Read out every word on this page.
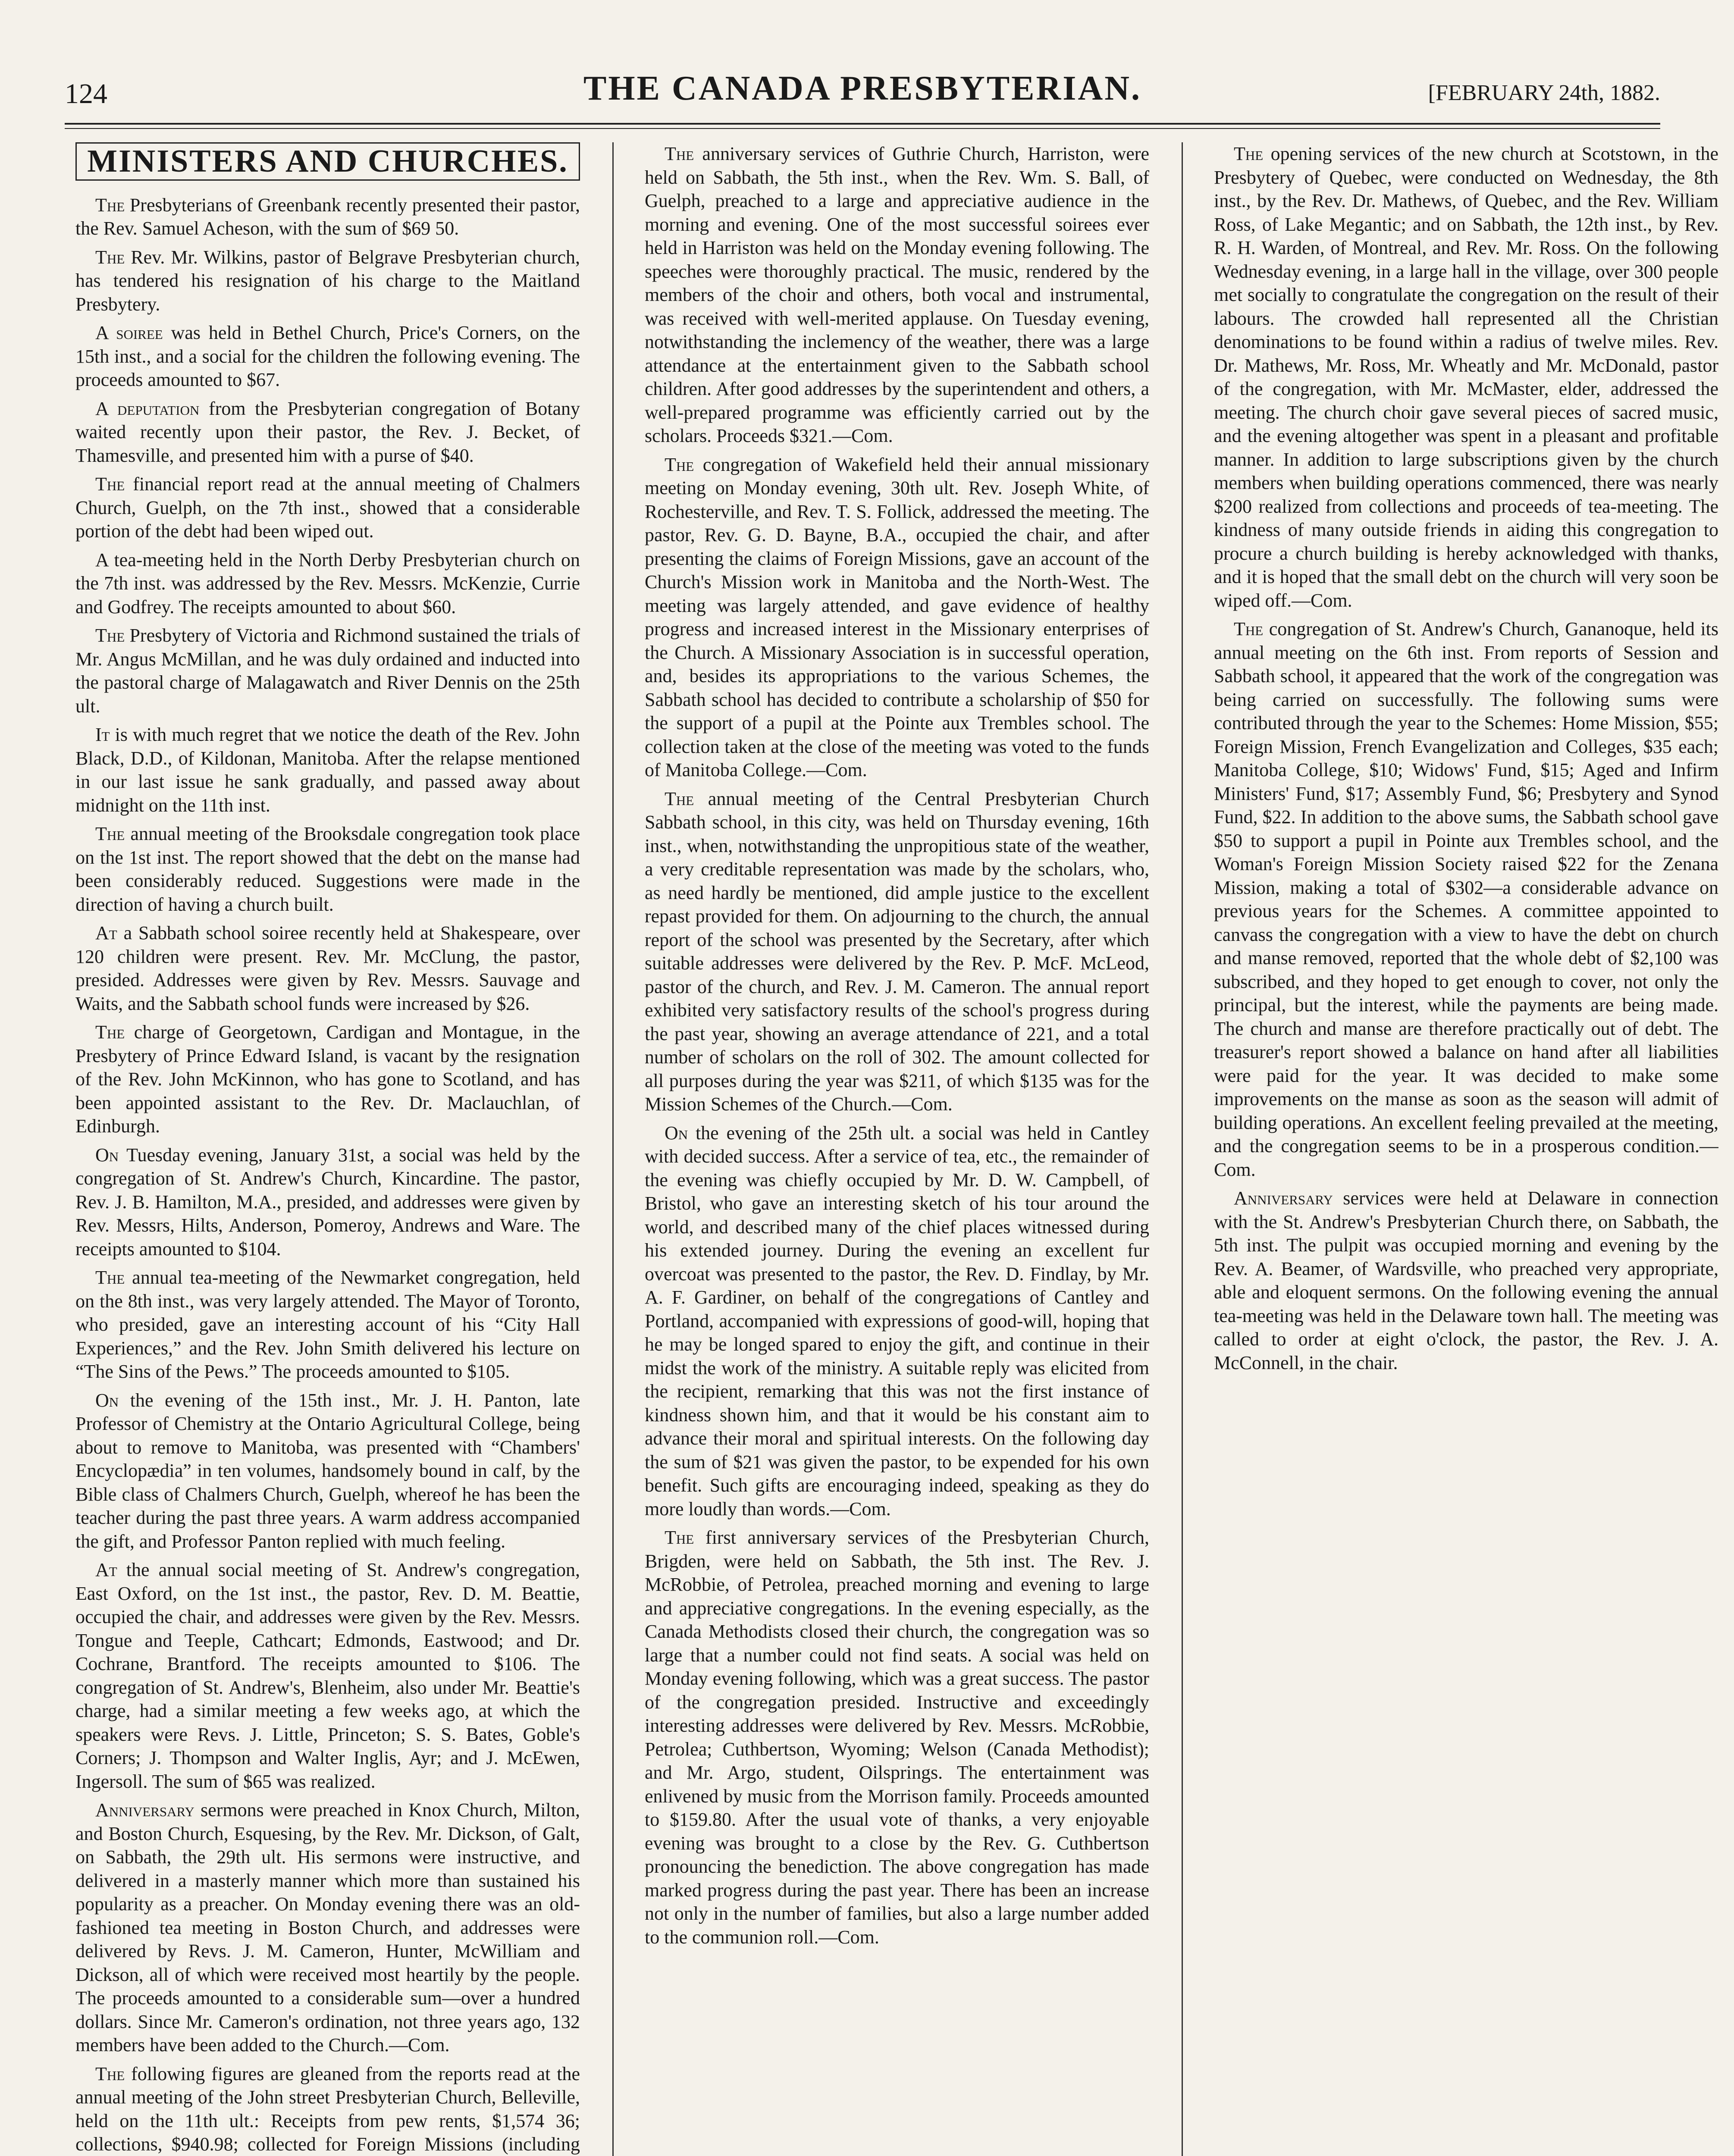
124	THE CANADA PRESBYTERIAN.	[FEBRUARY 24th, 1882.
MINISTERS AND CHURCHES.

The Presbyterians of Greenbank recently presented their pastor, the Rev. Samuel Acheson, with the sum of $69 50.

The Rev. Mr. Wilkins, pastor of Belgrave Presbyterian church, has tendered his resignation of his charge to the Maitland Presbytery.

A soiree was held in Bethel Church, Price's Corners, on the 15th inst., and a social for the children the following evening. The proceeds amounted to $67.

A deputation from the Presbyterian congregation of Botany waited recently upon their pastor, the Rev. J. Becket, of Thamesville, and presented him with a purse of $40.

The financial report read at the annual meeting of Chalmers Church, Guelph, on the 7th inst., showed that a considerable portion of the debt had been wiped out.

A tea-meeting held in the North Derby Presbyterian church on the 7th inst. was addressed by the Rev. Messrs. McKenzie, Currie and Godfrey. The receipts amounted to about $60.

The Presbytery of Victoria and Richmond sustained the trials of Mr. Angus McMillan, and he was duly ordained and inducted into the pastoral charge of Malagawatch and River Dennis on the 25th ult.

It is with much regret that we notice the death of the Rev. John Black, D.D., of Kildonan, Manitoba. After the relapse mentioned in our last issue he sank gradually, and passed away about midnight on the 11th inst.

The annual meeting of the Brooksdale congregation took place on the 1st inst. The report showed that the debt on the manse had been considerably reduced. Suggestions were made in the direction of having a church built.

At a Sabbath school soiree recently held at Shakespeare, over 120 children were present. Rev. Mr. McClung, the pastor, presided. Addresses were given by Rev. Messrs. Sauvage and Waits, and the Sabbath school funds were increased by $26.

The charge of Georgetown, Cardigan and Montague, in the Presbytery of Prince Edward Island, is vacant by the resignation of the Rev. John McKinnon, who has gone to Scotland, and has been appointed assistant to the Rev. Dr. Maclauchlan, of Edinburgh.

On Tuesday evening, January 31st, a social was held by the congregation of St. Andrew's Church, Kincardine. The pastor, Rev. J. B. Hamilton, M.A., presided, and addresses were given by Rev. Messrs, Hilts, Anderson, Pomeroy, Andrews and Ware. The receipts amounted to $104.

The annual tea-meeting of the Newmarket congregation, held on the 8th inst., was very largely attended. The Mayor of Toronto, who presided, gave an interesting account of his “City Hall Experiences,” and the Rev. John Smith delivered his lecture on “The Sins of the Pews.” The proceeds amounted to $105.

On the evening of the 15th inst., Mr. J. H. Panton, late Professor of Chemistry at the Ontario Agricultural College, being about to remove to Manitoba, was presented with “Chambers' Encyclopædia” in ten volumes, handsomely bound in calf, by the Bible class of Chalmers Church, Guelph, whereof he has been the teacher during the past three years. A warm address accompanied the gift, and Professor Panton replied with much feeling.

At the annual social meeting of St. Andrew's congregation, East Oxford, on the 1st inst., the pastor, Rev. D. M. Beattie, occupied the chair, and addresses were given by the Rev. Messrs. Tongue and Teeple, Cathcart; Edmonds, Eastwood; and Dr. Cochrane, Brantford. The receipts amounted to $106. The congregation of St. Andrew's, Blenheim, also under Mr. Beattie's charge, had a similar meeting a few weeks ago, at which the speakers were Revs. J. Little, Princeton; S. S. Bates, Goble's Corners; J. Thompson and Walter Inglis, Ayr; and J. McEwen, Ingersoll. The sum of $65 was realized.

Anniversary sermons were preached in Knox Church, Milton, and Boston Church, Esquesing, by the Rev. Mr. Dickson, of Galt, on Sabbath, the 29th ult. His sermons were instructive, and delivered in a masterly manner which more than sustained his popularity as a preacher. On Monday evening there was an old-fashioned tea meeting in Boston Church, and addresses were delivered by Revs. J. M. Cameron, Hunter, McWilliam and Dickson, all of which were received most heartily by the people. The proceeds amounted to a considerable sum—over a hundred dollars. Since Mr. Cameron's ordination, not three years ago, 132 members have been added to the Church.—Com.

The following figures are gleaned from the reports read at the annual meeting of the John street Presbyterian Church, Belleville, held on the 11th ult.: Receipts from pew rents, $1,574 36; collections, $940.98; collected for Foreign Missions (including

The anniversary services of Guthrie Church, Harriston, were held on Sabbath, the 5th inst., when the Rev. Wm. S. Ball, of Guelph, preached to a large and appreciative audience in the morning and evening. One of the most successful soirees ever held in Harriston was held on the Monday evening following. The speeches were thoroughly practical. The music, rendered by the members of the choir and others, both vocal and instrumental, was received with well-merited applause. On Tuesday evening, notwithstanding the inclemency of the weather, there was a large attendance at the entertainment given to the Sabbath school children. After good addresses by the superintendent and others, a well-prepared programme was efficiently carried out by the scholars. Proceeds $321.—Com.

The congregation of Wakefield held their annual missionary meeting on Monday evening, 30th ult. Rev. Joseph White, of Rochesterville, and Rev. T. S. Follick, addressed the meeting. The pastor, Rev. G. D. Bayne, B.A., occupied the chair, and after presenting the claims of Foreign Missions, gave an account of the Church's Mission work in Manitoba and the North-West. The meeting was largely attended, and gave evidence of healthy progress and increased interest in the Missionary enterprises of the Church. A Missionary Association is in successful operation, and, besides its appropriations to the various Schemes, the Sabbath school has decided to contribute a scholarship of $50 for the support of a pupil at the Pointe aux Trembles school. The collection taken at the close of the meeting was voted to the funds of Manitoba College.—Com.

The annual meeting of the Central Presbyterian Church Sabbath school, in this city, was held on Thursday evening, 16th inst., when, notwithstanding the unpropitious state of the weather, a very creditable representation was made by the scholars, who, as need hardly be mentioned, did ample justice to the excellent repast provided for them. On adjourning to the church, the annual report of the school was presented by the Secretary, after which suitable addresses were delivered by the Rev. P. McF. McLeod, pastor of the church, and Rev. J. M. Cameron. The annual report exhibited very satisfactory results of the school's progress during the past year, showing an average attendance of 221, and a total number of scholars on the roll of 302. The amount collected for all purposes during the year was $211, of which $135 was for the Mission Schemes of the Church.—Com.

On the evening of the 25th ult. a social was held in Cantley with decided success. After a service of tea, etc., the remainder of the evening was chiefly occupied by Mr. D. W. Campbell, of Bristol, who gave an interesting sketch of his tour around the world, and described many of the chief places witnessed during his extended journey. During the evening an excellent fur overcoat was presented to the pastor, the Rev. D. Findlay, by Mr. A. F. Gardiner, on behalf of the congregations of Cantley and Portland, accompanied with expressions of good-will, hoping that he may be longed spared to enjoy the gift, and continue in their midst the work of the ministry. A suitable reply was elicited from the recipient, remarking that this was not the first instance of kindness shown him, and that it would be his constant aim to advance their moral and spiritual interests. On the following day the sum of $21 was given the pastor, to be expended for his own benefit. Such gifts are encouraging indeed, speaking as they do more loudly than words.—Com.

The first anniversary services of the Presbyterian Church, Brigden, were held on Sabbath, the 5th inst. The Rev. J. McRobbie, of Petrolea, preached morning and evening to large and appreciative congregations. In the evening especially, as the Canada Methodists closed their church, the congregation was so large that a number could not find seats. A social was held on Monday evening following, which was a great success. The pastor of the congregation presided. Instructive and exceedingly interesting addresses were delivered by Rev. Messrs. McRobbie, Petrolea; Cuthbertson, Wyoming; Welson (Canada Methodist); and Mr. Argo, student, Oilsprings. The entertainment was enlivened by music from the Morrison family. Proceeds amounted to $159.80. After the usual vote of thanks, a very enjoyable evening was brought to a close by the Rev. G. Cuthbertson pronouncing the benediction. The above congregation has made marked progress during the past year. There has been an increase not only in the number of families, but also a large number added to the communion roll.—Com.

The opening services of the new church at Scotstown, in the Presbytery of Quebec, were conducted on Wednesday, the 8th inst., by the Rev. Dr. Mathews, of Quebec, and the Rev. William Ross, of Lake Megantic; and on Sabbath, the 12th inst., by Rev. R. H. Warden, of Montreal, and Rev. Mr. Ross. On the following Wednesday evening, in a large hall in the village, over 300 people met socially to congratulate the congregation on the result of their labours. The crowded hall represented all the Christian denominations to be found within a radius of twelve miles. Rev. Dr. Mathews, Mr. Ross, Mr. Wheatly and Mr. McDonald, pastor of the congregation, with Mr. McMaster, elder, addressed the meeting. The church choir gave several pieces of sacred music, and the evening altogether was spent in a pleasant and profitable manner. In addition to large subscriptions given by the church members when building operations commenced, there was nearly $200 realized from collections and proceeds of tea-meeting. The kindness of many outside friends in aiding this congregation to procure a church building is hereby acknowledged with thanks, and it is hoped that the small debt on the church will very soon be wiped off.—Com.

The congregation of St. Andrew's Church, Gananoque, held its annual meeting on the 6th inst. From reports of Session and Sabbath school, it appeared that the work of the congregation was being carried on successfully. The following sums were contributed through the year to the Schemes: Home Mission, $55; Foreign Mission, French Evangelization and Colleges, $35 each; Manitoba College, $10; Widows' Fund, $15; Aged and Infirm Ministers' Fund, $17; Assembly Fund, $6; Presbytery and Synod Fund, $22. In addition to the above sums, the Sabbath school gave $50 to support a pupil in Pointe aux Trembles school, and the Woman's Foreign Mission Society raised $22 for the Zenana Mission, making a total of $302—a considerable advance on previous years for the Schemes. A committee appointed to canvass the congregation with a view to have the debt on church and manse removed, reported that the whole debt of $2,100 was subscribed, and they hoped to get enough to cover, not only the principal, but the interest, while the payments are being made. The church and manse are therefore practically out of debt. The treasurer's report showed a balance on hand after all liabilities were paid for the year. It was decided to make some improvements on the manse as soon as the season will admit of building operations. An excellent feeling prevailed at the meeting, and the congregation seems to be in a prosperous condition.—Com.

Anniversary services were held at Delaware in connection with the St. Andrew's Presbyterian Church there, on Sabbath, the 5th inst. The pulpit was occupied morning and evening by the Rev. A. Beamer, of Wardsville, who preached very appropriate, able and eloquent sermons. On the following evening the annual tea-meeting was held in the Delaware town hall. The meeting was called to order at eight o'clock, the pastor, the Rev. J. A. McConnell, in the chair.
